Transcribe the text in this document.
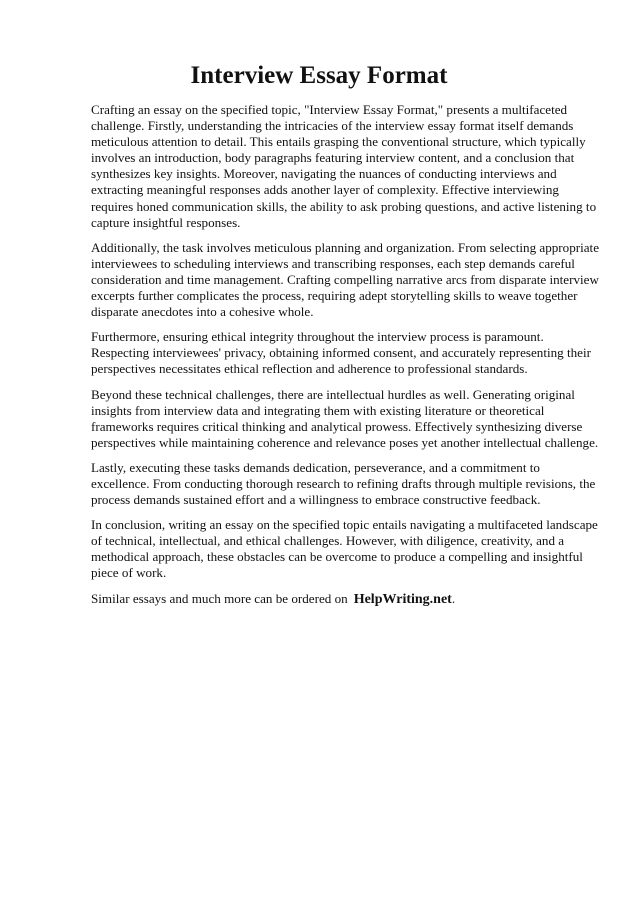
Interview Essay Format

Crafting an essay on the specified topic, "Interview Essay Format," presents a multifaceted
challenge. Firstly, understanding the intricacies of the interview essay format itself demands
meticulous attention to detail. This entails grasping the conventional structure, which typically
involves an introduction, body paragraphs featuring interview content, and a conclusion that
synthesizes key insights. Moreover, navigating the nuances of conducting interviews and
extracting meaningful responses adds another layer of complexity. Effective interviewing
requires honed communication skills, the ability to ask probing questions, and active listening to
capture insightful responses.

Additionally, the task involves meticulous planning and organization. From selecting appropriate
interviewees to scheduling interviews and transcribing responses, each step demands careful
consideration and time management. Crafting compelling narrative arcs from disparate interview
excerpts further complicates the process, requiring adept storytelling skills to weave together
disparate anecdotes into a cohesive whole.

Furthermore, ensuring ethical integrity throughout the interview process is paramount.
Respecting interviewees' privacy, obtaining informed consent, and accurately representing their
perspectives necessitates ethical reflection and adherence to professional standards.

Beyond these technical challenges, there are intellectual hurdles as well. Generating original
insights from interview data and integrating them with existing literature or theoretical
frameworks requires critical thinking and analytical prowess. Effectively synthesizing diverse
perspectives while maintaining coherence and relevance poses yet another intellectual challenge.

Lastly, executing these tasks demands dedication, perseverance, and a commitment to
excellence. From conducting thorough research to refining drafts through multiple revisions, the
process demands sustained effort and a willingness to embrace constructive feedback.

In conclusion, writing an essay on the specified topic entails navigating a multifaceted landscape
of technical, intellectual, and ethical challenges. However, with diligence, creativity, and a
methodical approach, these obstacles can be overcome to produce a compelling and insightful
piece of work.

Similar essays and much more can be ordered on HelpWriting.net.
